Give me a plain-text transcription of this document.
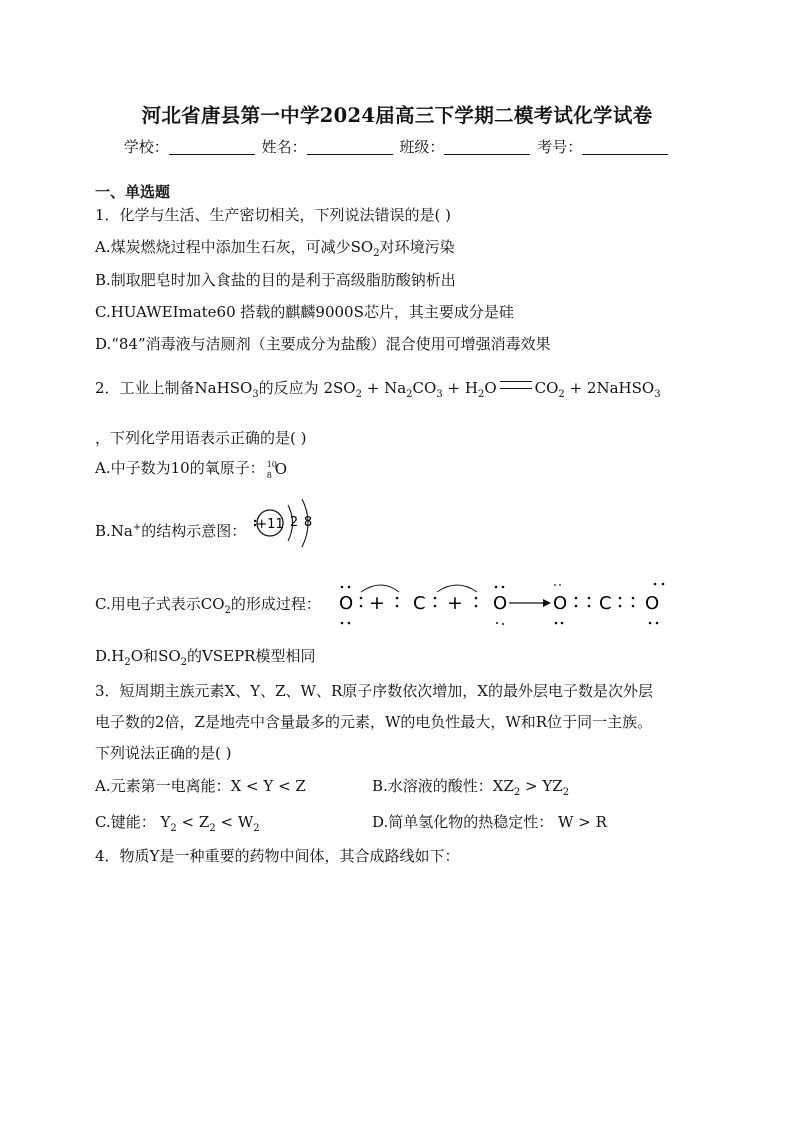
河北省唐县第一中学2024届高三下学期二模考试化学试卷
学校：	姓名：	班级：	考号：
一、单选题
1．化学与生活、生产密切相关，下列说法错误的是( )
A.煤炭燃烧过程中添加生石灰，可减少$SO_2$对环境污染
B.制取肥皂时加入食盐的目的是利于高级脂肪酸钠析出
C.HUAWEImate60 搭载的麒麟9000S芯片，其主要成分是硅
D.“84”消毒液与洁厕剂（主要成分为盐酸）混合使用可增强消毒效果
2．工业上制备NaHSO$_3$的反应为 $2SO_2 + Na_2CO_3 + H_2O$	$CO_2$ + 2NaHSO$_3$
，下列化学用语表示正确的是( )
A.中子数为10的氧原子： 10
8 O
B.Na+的结构示意图： +11 2 8
C.用电子式表示$CO_2$的形成过程： O + C + O	O C O
$D.H_2O$和$SO_2$的VSEPR模型相同
3．短周期主族元素X、Y、Z、W、R原子序数依次增加，X的最外层电子数是次外层
电子数的2倍，Z是地壳中含量最多的元素，W的电负性最大，W和R位于同一主族。
下列说法正确的是( )
A.元素第一电离能：X < Y < Z	B.水溶液的酸性：$XZ_2 > YZ_2$
C.键能： $Y_2 < Z_2 < W_2$	D.简单氢化物的热稳定性： W > R
4．物质Y是一种重要的药物中间体，其合成路线如下：
